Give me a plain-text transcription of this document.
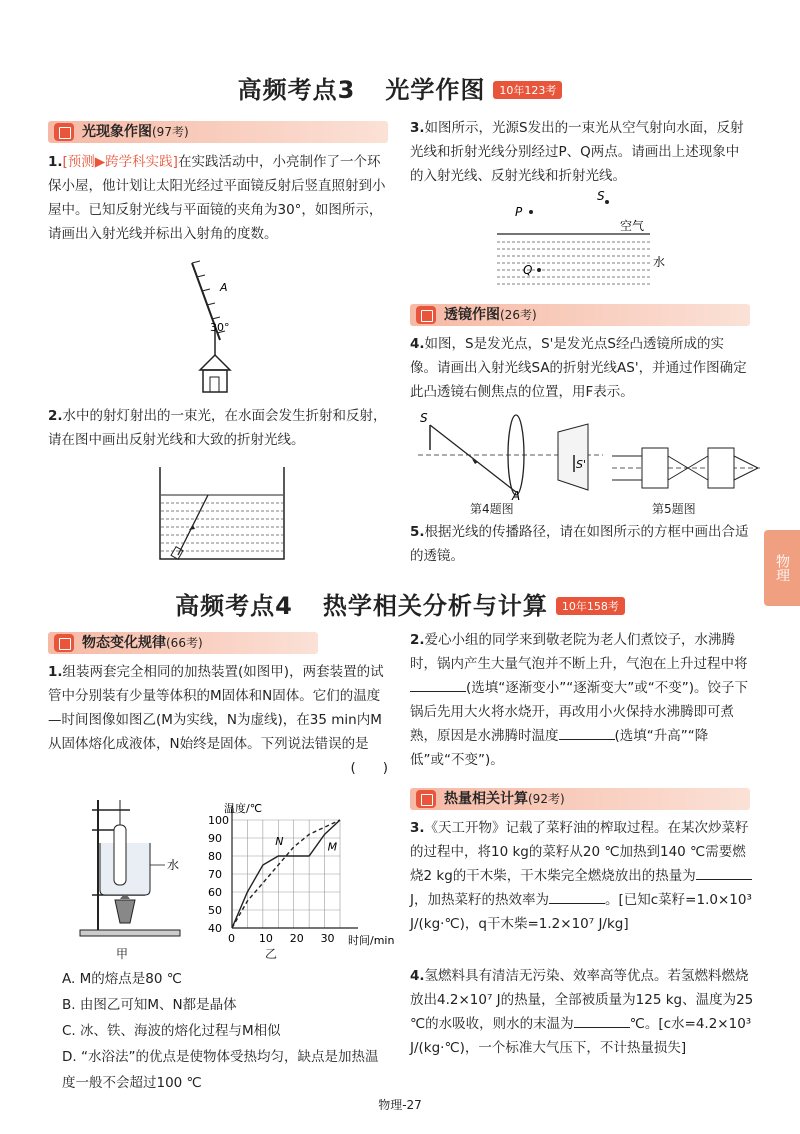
高频考点3 光学作图 10年123考
光现象作图(97考)
1.[预测▶跨学科实践]在实践活动中，小亮制作了一个环保小屋，他计划让太阳光经过平面镜反射后竖直照射到小屋中。已知反射光线与平面镜的夹角为30°，如图所示，请画出入射光线并标出入射角的度数。
A
30°
2.水中的射灯射出的一束光，在水面会发生折射和反射，请在图中画出反射光线和大致的折射光线。
3.如图所示，光源S发出的一束光从空气射向水面，反射光线和折射光线分别经过P、Q两点。请画出上述现象中的入射光线、反射光线和折射光线。
S
P
空气
水
Q
透镜作图(26考)
4.如图，S是发光点，S'是发光点S经凸透镜所成的实像。请画出入射光线SA的折射光线AS'，并通过作图确定此凸透镜右侧焦点的位置，用F表示。
S
A
S'
第4题图	第5题图
5.根据光线的传播路径，请在如图所示的方框中画出合适的透镜。	物理
高频考点4 热学相关分析与计算 10年158考
物态变化规律(66考)
1.组装两套完全相同的加热装置(如图甲)，两套装置的试管中分别装有少量等体积的M固体和N固体。它们的温度—时间图像如图乙(M为实线，N为虚线)，在35 min内M从固体熔化成液体，N始终是固体。下列说法错误的是
(　　)
水
甲
温度/℃
时间/min
100
90
80
70
60
50
40
0 10 20 30
N	M
乙
A. M的熔点是80 ℃
B. 由图乙可知M、N都是晶体
C. 冰、铁、海波的熔化过程与M相似
D. “水浴法”的优点是使物体受热均匀，缺点是加热温度一般不会超过100 ℃
2.爱心小组的同学来到敬老院为老人们煮饺子，水沸腾时，锅内产生大量气泡并不断上升，气泡在上升过程中将(选填“逐渐变小”“逐渐变大”或“不变”)。饺子下锅后先用大火将水烧开，再改用小火保持水沸腾即可煮熟，原因是水沸腾时温度	(选填“升高”“降低”或“不变”)。
热量相关计算(92考)
3.《天工开物》记载了菜籽油的榨取过程。在某次炒菜籽的过程中，将10 kg的菜籽从20 ℃加热到140 ℃需要燃烧2 kg的干木柴，干木柴完全燃烧放出的热量为J，加热菜籽的热效率为	。[已知c菜籽=1.0×10³ J/(kg·℃)，q干木柴=1.2×10⁷ J/kg]
4.氢燃料具有清洁无污染、效率高等优点。若氢燃料燃烧放出4.2×10⁷ J的热量，全部被质量为125 kg、温度为25 ℃的水吸收，则水的末温为	℃。[c水=4.2×10³ J/(kg·℃)，一个标准大气压下，不计热量损失]
物理-27
